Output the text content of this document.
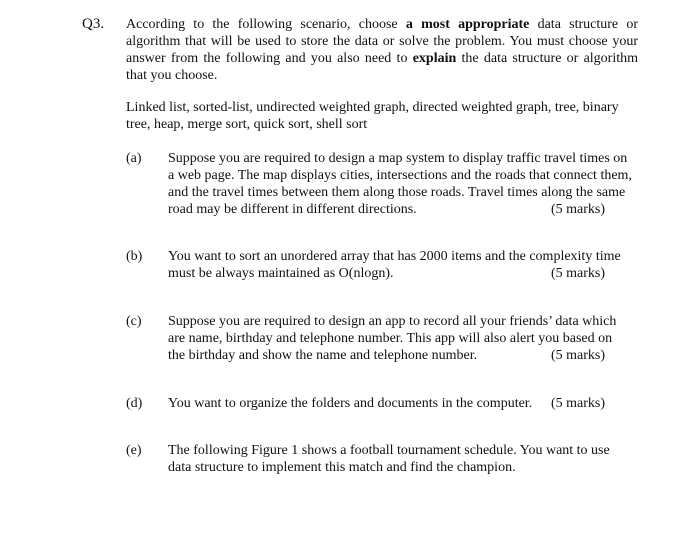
Q3. According to the following scenario, choose a most appropriate data structure or algorithm that will be used to store the data or solve the problem. You must choose your answer from the following and you also need to explain the data structure or algorithm that you choose.

Linked list, sorted-list, undirected weighted graph, directed weighted graph, tree, binary tree, heap, merge sort, quick sort, shell sort

(a) Suppose you are required to design a map system to display traffic travel times on
a web page. The map displays cities, intersections and the roads that connect them,
and the travel times between them along those roads. Travel times along the same
road may be different in different directions.	(5 marks)
(b) You want to sort an unordered array that has 2000 items and the complexity time
must be always maintained as O(nlogn).	(5 marks)
(c) Suppose you are required to design an app to record all your friends’ data which
are name, birthday and telephone number. This app will also alert you based on
the birthday and show the name and telephone number.	(5 marks)
(d) You want to organize the folders and documents in the computer.	(5 marks)
(e) The following Figure 1 shows a football tournament schedule. You want to use
data structure to implement this match and find the champion.
